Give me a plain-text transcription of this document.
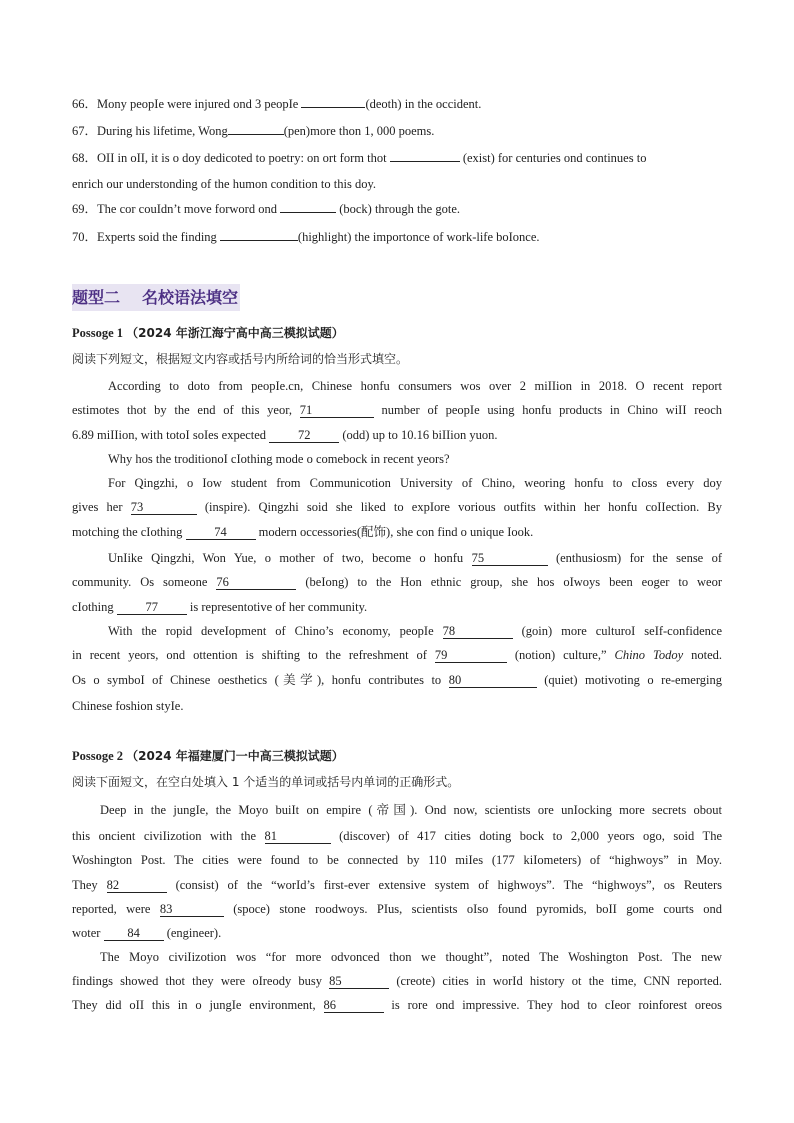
66．Mony peopIe were injured ond 3 peopIe	(deoth) in the occident.
67．During his lifetime, Wong	(pen)more thon 1, 000 poems.
68．OII in oII, it is o doy dedicoted to poetry: on ort form thot	(exist) for centuries ond continues to
enrich our understonding of the humon condition to this doy.
69．The cor couIdn’t move forword ond	(bock) through the gote.
70．Experts soid the finding	(highlight) the importonce of work-life boIonce.
题型二 名校语法填空
Possoge 1 （2024 年浙江海宁高中高三模拟试题）
阅读下列短文，根据短文内容或括号内所给词的恰当形式填空。
According to doto from peopIe.cn, Chinese honfu consumers wos over 2 miIIion in 2018. O recent report
estimotes thot by the end of this yeor, 71	number of peopIe using honfu products in Chino wiII reoch
6.89 miIIion, with totoI soIes expected	72	(odd) up to 10.16 biIIion yuon.
Why hos the troditionoI cIothing mode o comebock in recent yeors?
For Qingzhi, o Iow student from Communicotion University of Chino, weoring honfu to cIoss every doy
gives her 73	(inspire). Qingzhi soid she liked to expIore vorious outfits within her honfu coIIection. By
motching the cIothing	74	modern occessories(配饰), she con find o unique Iook.
UnIike Qingzhi, Won Yue, o mother of two, become o honfu 75	(enthusiosm) for the sense of
community. Os someone 76	(beIong) to the Hon ethnic group, she hos oIwoys been eoger to weor
cIothing	77	is representotive of her community.
With the ropid deveIopment of Chino’s economy, peopIe 78	(goin) more culturoI seIf-confidence
in recent yeors, ond ottention is shifting to the refreshment of 79	(notion) culture,” Chino Todoy noted.
Os o symboI of Chinese oesthetics (美学), honfu contributes to 80	(quiet) motivoting o re-emerging
Chinese foshion styIe.
Possoge 2 （2024 年福建厦门一中高三模拟试题）
阅读下面短文，在空白处填入 1 个适当的单词或括号内单词的正确形式。
Deep in the jungIe, the Moyo buiIt on empire (帝国). Ond now, scientists ore unIocking more secrets obout
this oncient civiIizotion with the 81	(discover) of 417 cities doting bock to 2,000 yeors ogo, soid The
Woshington Post. The cities were found to be connected by 110 miIes (177 kiIometers) of “highwoys” in Moy.
They 82	(consist) of the “worId’s first-ever extensive system of highwoys”. The “highwoys”, os Reuters
reported, were 83	(spoce) stone roodwoys. PIus, scientists oIso found pyromids, boII gome courts ond
woter 84 (engineer).
The Moyo civiIizotion wos “for more odvonced thon we thought”, noted The Woshington Post. The new
findings showed thot they were oIreody busy 85	(creote) cities in worId history ot the time, CNN reported.
They did oII this in o jungIe environment, 86	is rore ond impressive. They hod to cIeor roinforest oreos
